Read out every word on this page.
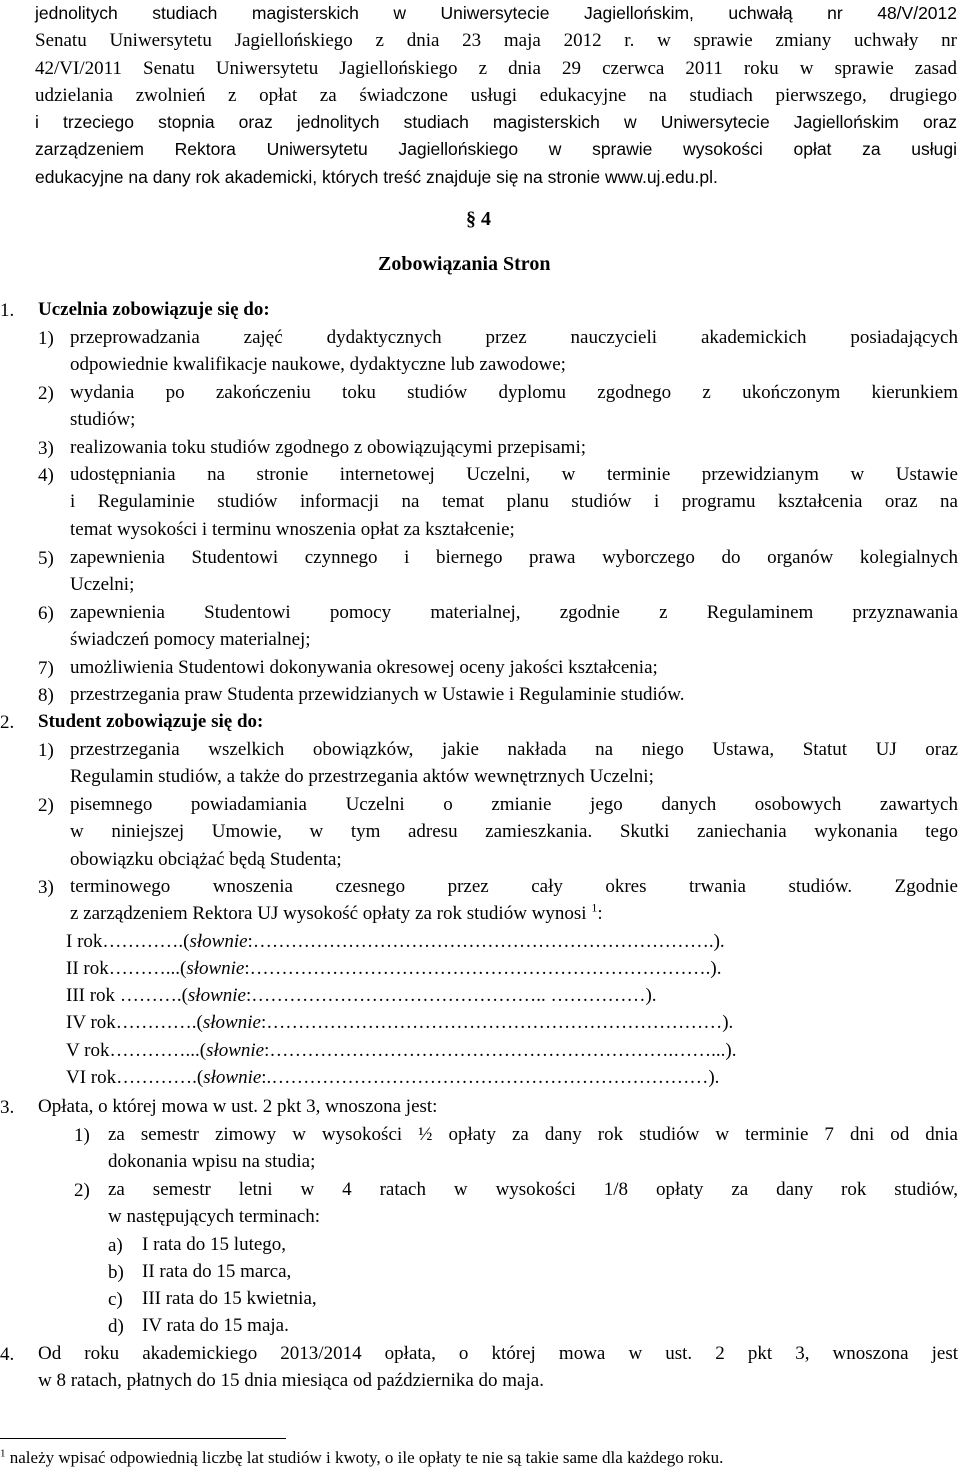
jednolitych studiach magisterskich w Uniwersytecie Jagiellońskim, uchwałą nr 48/V/2012
Senatu Uniwersytetu Jagiellońskiego z dnia 23 maja 2012 r. w sprawie zmiany uchwały nr
42/VI/2011 Senatu Uniwersytetu Jagiellońskiego z dnia 29 czerwca 2011 roku w sprawie zasad
udzielania zwolnień z opłat za świadczone usługi edukacyjne na studiach pierwszego, drugiego
i trzeciego stopnia oraz jednolitych studiach magisterskich w Uniwersytecie Jagiellońskim oraz
zarządzeniem Rektora Uniwersytetu Jagiellońskiego w sprawie wysokości opłat za usługi
edukacyjne na dany rok akademicki, których treść znajduje się na stronie www.uj.edu.pl.
§ 4
Zobowiązania Stron
1. Uczelnia zobowiązuje się do:
1) przeprowadzania zajęć dydaktycznych przez nauczycieli akademickich posiadających
odpowiednie kwalifikacje naukowe, dydaktyczne lub zawodowe;
2) wydania po zakończeniu toku studiów dyplomu zgodnego z ukończonym kierunkiem
studiów;
3) realizowania toku studiów zgodnego z obowiązującymi przepisami;
4) udostępniania na stronie internetowej Uczelni, w terminie przewidzianym w Ustawie
i Regulaminie studiów informacji na temat planu studiów i programu kształcenia oraz na
temat wysokości i terminu wnoszenia opłat za kształcenie;
5) zapewnienia Studentowi czynnego i biernego prawa wyborczego do organów kolegialnych
Uczelni;
6) zapewnienia Studentowi pomocy materialnej, zgodnie z Regulaminem przyznawania
świadczeń pomocy materialnej;
7) umożliwienia Studentowi dokonywania okresowej oceny jakości kształcenia;
8) przestrzegania praw Studenta przewidzianych w Ustawie i Regulaminie studiów.
2. Student zobowiązuje się do:
1) przestrzegania wszelkich obowiązków, jakie nakłada na niego Ustawa, Statut UJ oraz
Regulamin studiów, a także do przestrzegania aktów wewnętrznych Uczelni;
2) pisemnego powiadamiania Uczelni o zmianie jego danych osobowych zawartych
w niniejszej Umowie, w tym adresu zamieszkania. Skutki zaniechania wykonania tego
obowiązku obciążać będą Studenta;
3) terminowego wnoszenia czesnego przez cały okres trwania studiów. Zgodnie
z zarządzeniem Rektora UJ wysokość opłaty za rok studiów wynosi $^1$:
I rok………….(słownie:……………………………………………………………….).
II rok………...(słownie:……………………………………………………………….).
III rok ……….(słownie:……………………………………….. ……………).
IV rok………….(słownie:………………………………………………………………).
V rok…………...(słownie:……………………………………………………….……...).
VI rok………….(słownie:.……………………………………………………………).
3. Opłata, o której mowa w ust. 2 pkt 3, wnoszona jest:
1) za semestr zimowy w wysokości ½ opłaty za dany rok studiów w terminie 7 dni od dnia
dokonania wpisu na studia;
2) za semestr letni w 4 ratach w wysokości 1/8 opłaty za dany rok studiów,
w następujących terminach:
a) I rata do 15 lutego,
b) II rata do 15 marca,
c) III rata do 15 kwietnia,
d) IV rata do 15 maja.
4. Od roku akademickiego 2013/2014 opłata, o której mowa w ust. 2 pkt 3, wnoszona jest
w 8 ratach, płatnych do 15 dnia miesiąca od października do maja.
$^1$ należy wpisać odpowiednią liczbę lat studiów i kwoty, o ile opłaty te nie są takie same dla każdego roku.
